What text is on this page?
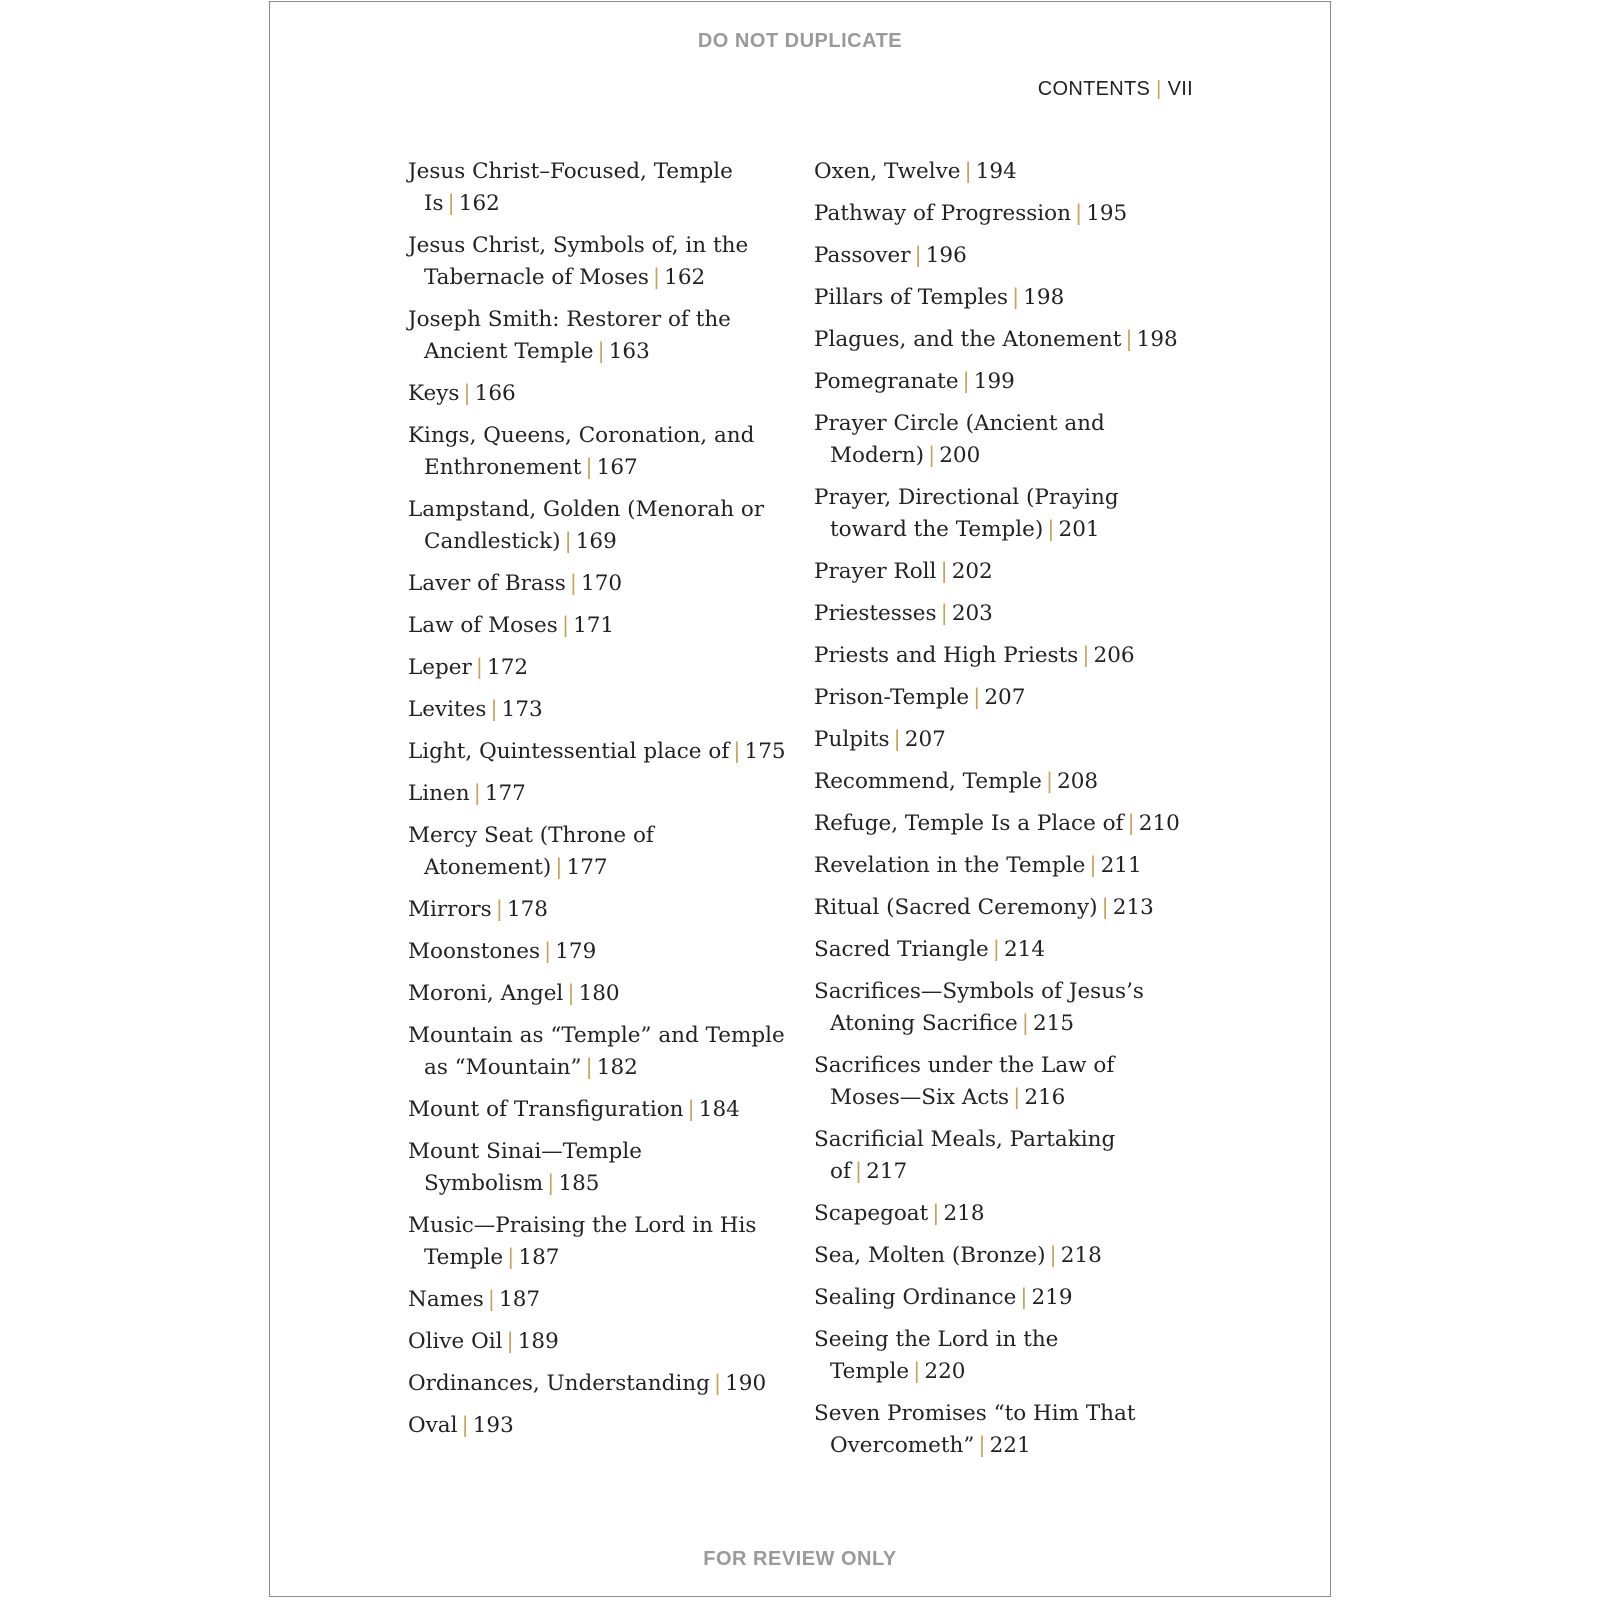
DO NOT DUPLICATE
CONTENTS | VII
Jesus Christ–Focused, Temple Is | 162
Jesus Christ, Symbols of, in the Tabernacle of Moses | 162
Joseph Smith: Restorer of the Ancient Temple | 163
Keys | 166
Kings, Queens, Coronation, and Enthronement | 167
Lampstand, Golden (Menorah or Candlestick) | 169
Laver of Brass | 170
Law of Moses | 171
Leper | 172
Levites | 173
Light, Quintessential place of | 175
Linen | 177
Mercy Seat (Throne of Atonement) | 177
Mirrors | 178
Moonstones | 179
Moroni, Angel | 180
Mountain as “Temple” and Temple as “Mountain” | 182
Mount of Transfiguration | 184
Mount Sinai—Temple Symbolism | 185
Music—Praising the Lord in His Temple | 187
Names | 187
Olive Oil | 189
Ordinances, Understanding | 190
Oval | 193
Oxen, Twelve | 194
Pathway of Progression | 195
Passover | 196
Pillars of Temples | 198
Plagues, and the Atonement | 198
Pomegranate | 199
Prayer Circle (Ancient and Modern) | 200
Prayer, Directional (Praying toward the Temple) | 201
Prayer Roll | 202
Priestesses | 203
Priests and High Priests | 206
Prison-Temple | 207
Pulpits | 207
Recommend, Temple | 208
Refuge, Temple Is a Place of | 210
Revelation in the Temple | 211
Ritual (Sacred Ceremony) | 213
Sacred Triangle | 214
Sacrifices—Symbols of Jesus’s Atoning Sacrifice | 215
Sacrifices under the Law of Moses—Six Acts | 216
Sacrificial Meals, Partaking of | 217
Scapegoat | 218
Sea, Molten (Bronze) | 218
Sealing Ordinance | 219
Seeing the Lord in the Temple | 220
Seven Promises “to Him That Overcometh” | 221
FOR REVIEW ONLY
